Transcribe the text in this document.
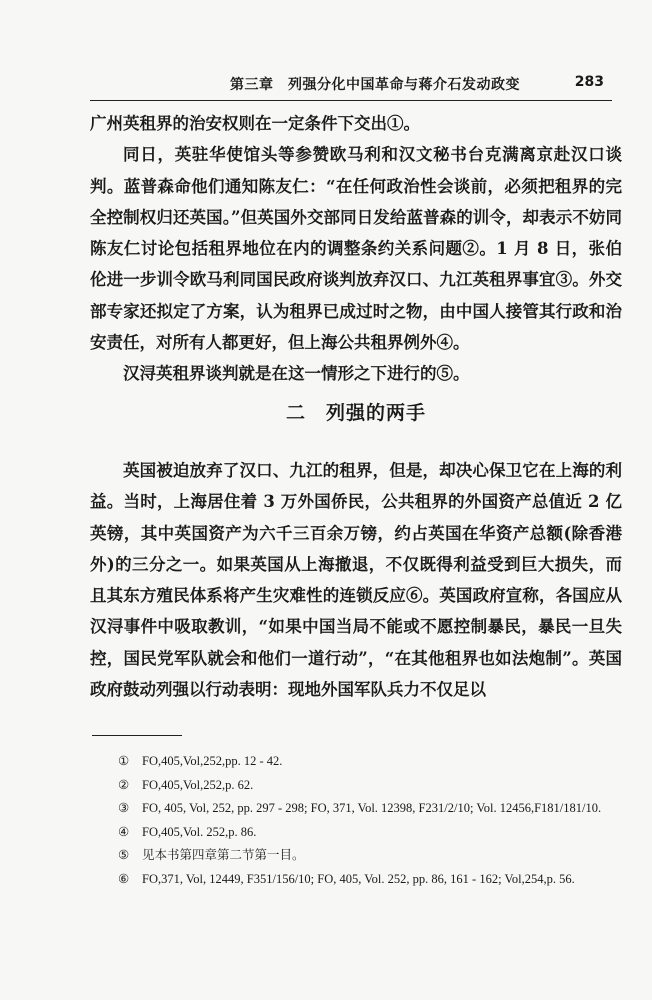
第三章　列强分化中国革命与蒋介石发动政变	283

广州英租界的治安权则在一定条件下交出①。

同日，英驻华使馆头等参赞欧马利和汉文秘书台克满离京赴汉口谈判。蓝普森命他们通知陈友仁：“在任何政治性会谈前，必须把租界的完全控制权归还英国。”但英国外交部同日发给蓝普森的训令，却表示不妨同陈友仁讨论包括租界地位在内的调整条约关系问题②。1 月 8 日，张伯伦进一步训令欧马利同国民政府谈判放弃汉口、九江英租界事宜③。外交部专家还拟定了方案，认为租界已成过时之物，由中国人接管其行政和治安责任，对所有人都更好，但上海公共租界例外④。

汉浔英租界谈判就是在这一情形之下进行的⑤。

二　列强的两手

英国被迫放弃了汉口、九江的租界，但是，却决心保卫它在上海的利益。当时，上海居住着 3 万外国侨民，公共租界的外国资产总值近 2 亿英镑，其中英国资产为六千三百余万镑，约占英国在华资产总额(除香港外)的三分之一。如果英国从上海撤退，不仅既得利益受到巨大损失，而且其东方殖民体系将产生灾难性的连锁反应⑥。英国政府宣称，各国应从汉浔事件中吸取教训，“如果中国当局不能或不愿控制暴民，暴民一旦失控，国民党军队就会和他们一道行动”，“在其他租界也如法炮制”。英国政府鼓动列强以行动表明：现地外国军队兵力不仅足以

① FO,405,Vol,252,pp. 12 - 42.

② FO,405,Vol,252,p. 62.

③ FO, 405, Vol, 252, pp. 297 - 298; FO, 371, Vol. 12398, F231/2/10; Vol. 12456,F181/181/10.

④ FO,405,Vol. 252,p. 86.

⑤ 见本书第四章第二节第一目。

⑥ FO,371, Vol, 12449, F351/156/10; FO, 405, Vol. 252, pp. 86, 161 - 162; Vol,254,p. 56.
